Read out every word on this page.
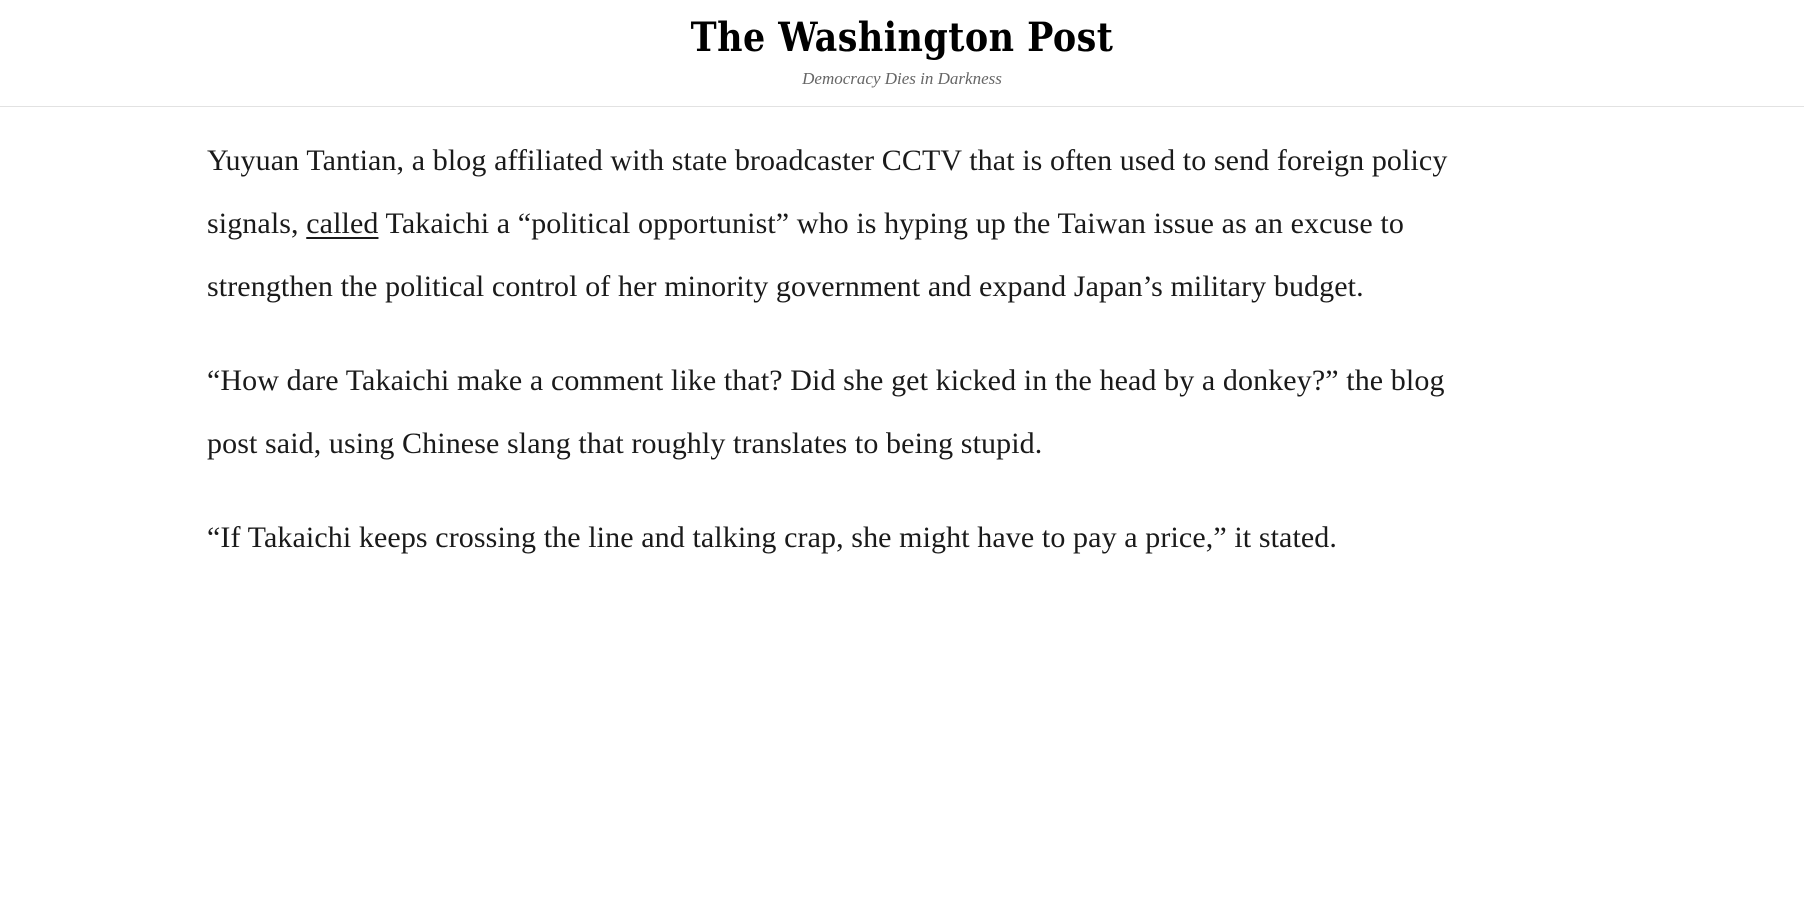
The Washington Post
Democracy Dies in Darkness

Yuyuan Tantian, a blog affiliated with state broadcaster CCTV that is often used to send foreign policy signals, called Takaichi a “political opportunist” who is hyping up the Taiwan issue as an excuse to strengthen the political control of her minority government and expand Japan’s military budget.

“How dare Takaichi make a comment like that? Did she get kicked in the head by a donkey?” the blog post said, using Chinese slang that roughly translates to being stupid.

“If Takaichi keeps crossing the line and talking crap, she might have to pay a price,” it stated.
